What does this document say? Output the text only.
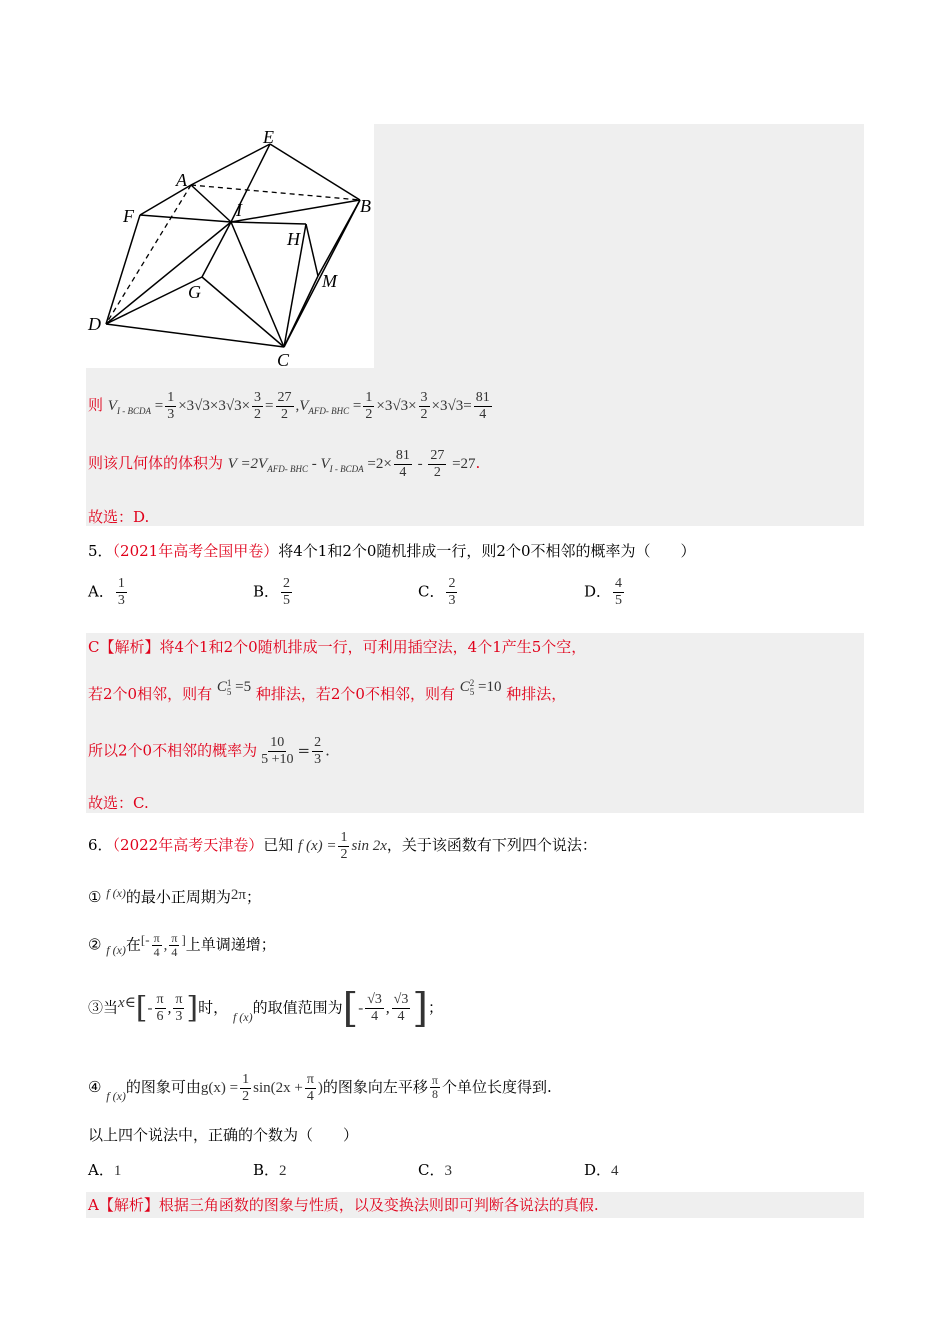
E
A
B
F	I
H
G
M
D
C
则 $V_{I - BCDA} = \frac{1}{3} \times 3√3\times 3√3\times \frac{3}{2} = \frac{27}{2} ,V_{AFD- BHC} = \frac{1}{2} \times 3√3\times \frac{3}{2} \times 3√3= \frac{81}{4}$
则该几何体的体积为 $V =2V_{AFD- BHC} - V_{I - BCDA} =2\times \frac{81}{4} - \frac{27}{2} =27$.
故选：D.
5．（2021年高考全国甲卷）将4个1和2个0随机排成一行，则2个0不相邻的概率为（　　）
A． $\frac{1}{3}$	B． $\frac{2}{5}$	C． $\frac{2}{3}$	D． $\frac{4}{5}$
C【解析】将4个1和2个0随机排成一行，可利用插空法，4个1产生5个空，
若2个0相邻，则有 C 1
5 =5 种排法，若2个0不相邻，则有 C 2
5 =10 种排法，
所以2个0不相邻的概率为 $\frac{10}{5 +10} = \frac{2}{3}$ .
故选：C.
6．（2022年高考天津卷）已知 f $(x) = \frac{1}{2}$ sin 2x，关于该函数有下列四个说法：
① $^{f (x)}$的最小正周期为2π；
② $_{f (x)}$在[- $\frac{\pi}{4}$ , $\frac{\pi}{4}$ ]上单调递增；
③当x∈[- $\frac{\pi}{6}$ , $\frac{\pi}{3}$ ]时， $_{f (x)}$的取值范围为[- $\frac{√3}{4}$ , $\frac{√3}{4}$ ]；
④ $_{f (x)}$的图象可由$g(x) = \frac{1}{2} \sin(2x + \frac{\pi}{4}$ )的图象向左平移 $\frac{\pi}{8}$ 个单位长度得到.
以上四个说法中，正确的个数为（　　）
A．1	B．2	C．3	D．4
A【解析】根据三角函数的图象与性质，以及变换法则即可判断各说法的真假.
